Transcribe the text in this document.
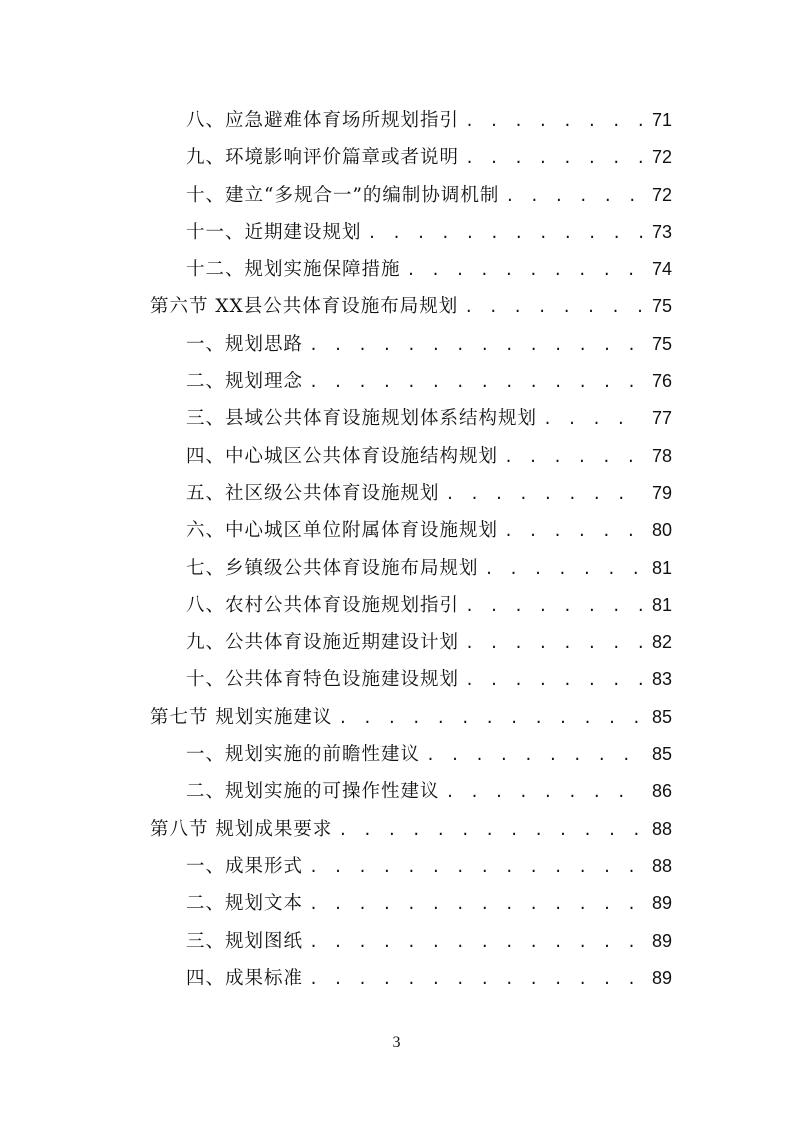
八、应急避难体育场所规划指引 . . .	71
九、环境影响评价篇章或者说明 . . .	72
十、建立“多规合一”的编制协调机制 . . .	72
十一、近期建设规划 . . .	73
十二、规划实施保障措施 . . .	74
第六节 XX县公共体育设施布局规划 . . .	75
一、规划思路 . . .	75
二、规划理念 . . .	76
三、县域公共体育设施规划体系结构规划 . . .	77
四、中心城区公共体育设施结构规划 . . .	78
五、社区级公共体育设施规划 . . .	79
六、中心城区单位附属体育设施规划 . . .	80
七、乡镇级公共体育设施布局规划 . . .	81
八、农村公共体育设施规划指引 . . .	81
九、公共体育设施近期建设计划 . . .	82
十、公共体育特色设施建设规划 . . .	83
第七节 规划实施建议 . . .	85
一、规划实施的前瞻性建议 . . .	85
二、规划实施的可操作性建议 . . .	86
第八节 规划成果要求 . . .	88
一、成果形式 . . .	88
二、规划文本 . . .	89
三、规划图纸 . . .	89
四、成果标准 . . .	89
3
